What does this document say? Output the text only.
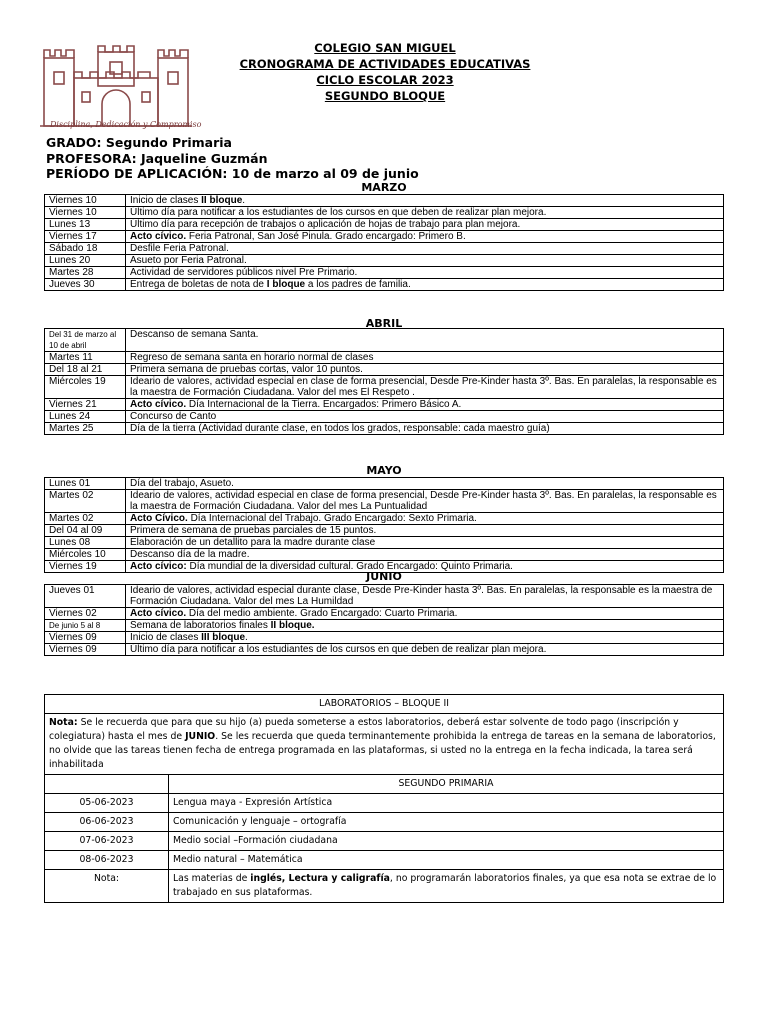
Disciplina, Dedicación y Compromiso
COLEGIO SAN MIGUEL
CRONOGRAMA DE ACTIVIDADES EDUCATIVAS
CICLO ESCOLAR 2023
SEGUNDO BLOQUE
GRADO: Segundo Primaria
PROFESORA: Jaqueline Guzmán
PERÍODO DE APLICACIÓN: 10 de marzo al 09 de junio
MARZO
Viernes 10	Inicio de clases II bloque.
Viernes 10	Último día para notificar a los estudiantes de los cursos en que deben de realizar plan mejora.
Lunes 13	Último día para recepción de trabajos o aplicación de hojas de trabajo para plan mejora.
Viernes 17	Acto cívico. Feria Patronal, San José Pinula. Grado encargado: Primero B.
Sábado 18	Desfile Feria Patronal.
Lunes 20	Asueto por Feria Patronal.
Martes 28	Actividad de servidores públicos nivel Pre Primario.
Jueves 30	Entrega de boletas de nota de I bloque a los padres de familia.
ABRIL
Del 31 de marzo al 10 de abril	Descanso de semana Santa.
Martes 11	Regreso de semana santa en horario normal de clases
Del 18 al 21	Primera semana de pruebas cortas, valor 10 puntos.
Miércoles 19	Ideario de valores, actividad especial en clase de forma presencial, Desde Pre-Kinder hasta 3º. Bas. En paralelas, la responsable es la maestra de Formación Ciudadana. Valor del mes El Respeto .
Viernes 21	Acto cívico. Día Internacional de la Tierra. Encargados: Primero Básico A.
Lunes 24	Concurso de Canto
Martes 25	Día de la tierra (Actividad durante clase, en todos los grados, responsable: cada maestro guía)
MAYO
Lunes 01	Día del trabajo, Asueto.
Martes 02	Ideario de valores, actividad especial en clase de forma presencial, Desde Pre-Kinder hasta 3º. Bas. En paralelas, la responsable es la maestra de Formación Ciudadana. Valor del mes La Puntualidad
Martes 02	Acto Cívico. Día Internacional del Trabajo. Grado Encargado: Sexto Primaria.
Del 04 al 09	Primera de semana de pruebas parciales de 15 puntos.
Lunes 08	Elaboración de un detallito para la madre durante clase
Miércoles 10	Descanso día de la madre.
Viernes 19	Acto cívico: Día mundial de la diversidad cultural. Grado Encargado: Quinto Primaria.
JUNIO
Jueves 01	Ideario de valores, actividad especial durante clase, Desde Pre-Kinder hasta 3º. Bas. En paralelas, la responsable es la maestra de Formación Ciudadana. Valor del mes La Humildad
Viernes 02	Acto cívico. Día del medio ambiente. Grado Encargado: Cuarto Primaria.
De junio 5 al 8	Semana de laboratorios finales II bloque.
Viernes 09	Inicio de clases III bloque.
Viernes 09	Último día para notificar a los estudiantes de los cursos en que deben de realizar plan mejora.
LABORATORIOS – BLOQUE II	
Nota: Se le recuerda que para que su hijo (a) pueda someterse a estos laboratorios, deberá estar solvente de todo pago (inscripción y colegiatura) hasta el mes de JUNIO. Se les recuerda que queda terminantemente prohibida la entrega de tareas en la semana de laboratorios, no olvide que las tareas tienen fecha de entrega programada en las plataformas, si usted no la entrega en la fecha indicada, la tarea será inhabilitada	
	SEGUNDO PRIMARIA
05-06-2023	Lengua maya - Expresión Artística
06-06-2023	Comunicación y lenguaje – ortografía
07-06-2023	Medio social –Formación ciudadana
08-06-2023	Medio natural – Matemática
Nota:	Las materias de inglés, Lectura y caligrafía, no programarán laboratorios finales, ya que esa nota se extrae de lo trabajado en sus plataformas.
